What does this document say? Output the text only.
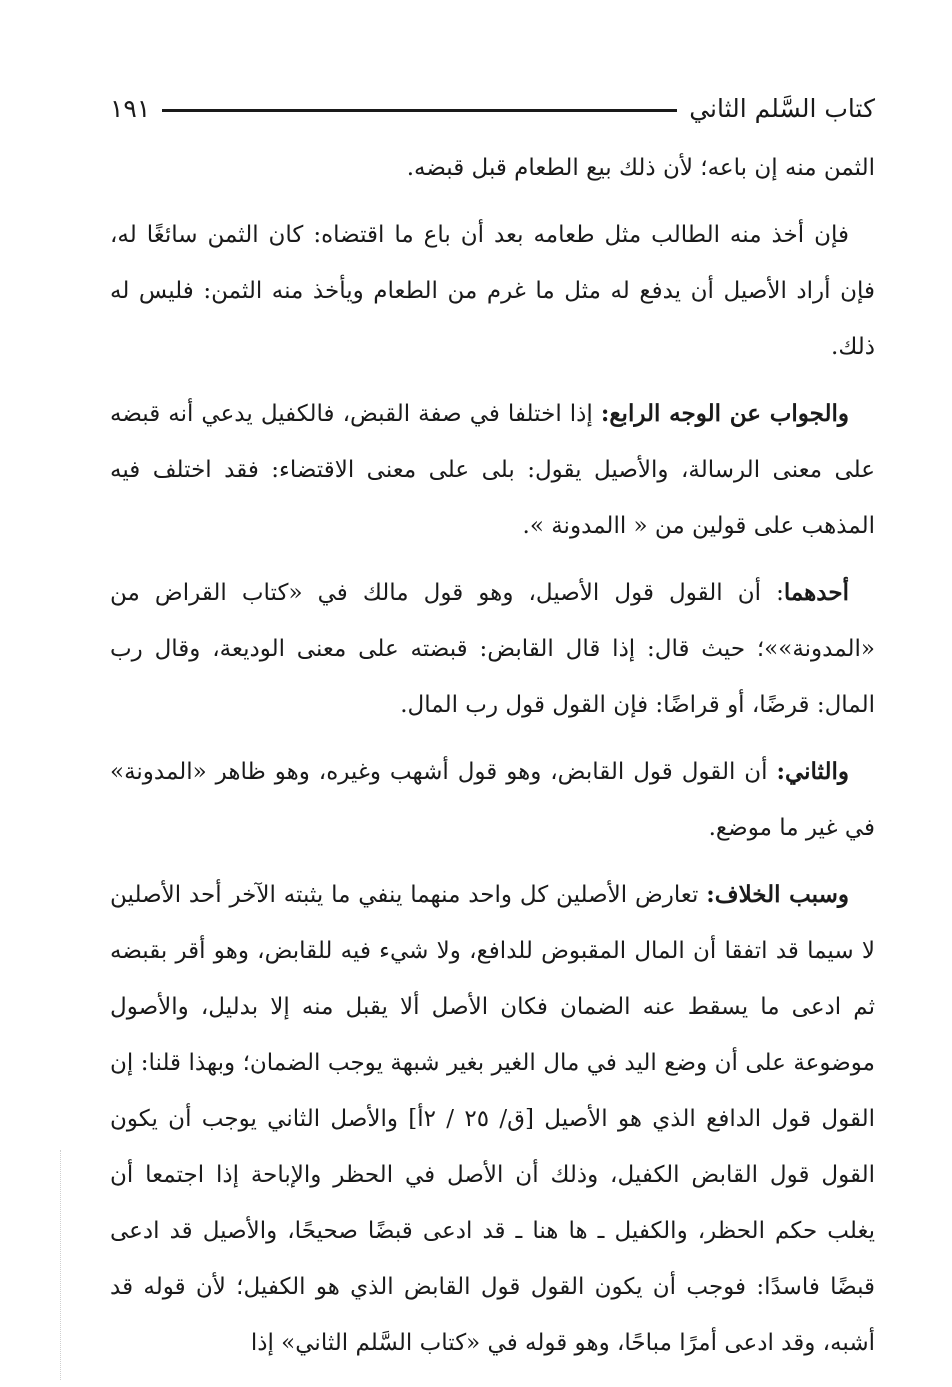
كتاب السَّلم الثاني
١٩١

الثمن منه إن باعه؛ لأن ذلك بيع الطعام قبل قبضه.

فإن أخذ منه الطالب مثل طعامه بعد أن باع ما اقتضاه: كان الثمن سائغًا له، فإن أراد الأصيل أن يدفع له مثل ما غرم من الطعام ويأخذ منه الثمن: فليس له ذلك.

والجواب عن الوجه الرابع: إذا اختلفا في صفة القبض، فالكفيل يدعي أنه قبضه على معنى الرسالة، والأصيل يقول: بلى على معنى الاقتضاء: فقد اختلف فيه المذهب على قولين من « االمدونة ».

أحدهما: أن القول قول الأصيل، وهو قول مالك في «كتاب القراض من «المدونة»»؛ حيث قال: إذا قال القابض: قبضته على معنى الوديعة، وقال رب المال: قرضًا، أو قراضًا: فإن القول قول رب المال.

والثاني: أن القول قول القابض، وهو قول أشهب وغيره، وهو ظاهر «المدونة» في غير ما موضع.

وسبب الخلاف: تعارض الأصلين كل واحد منهما ينفي ما يثبته الآخر أحد الأصلين لا سيما قد اتفقا أن المال المقبوض للدافع، ولا شيء فيه للقابض، وهو أقر بقبضه ثم ادعى ما يسقط عنه الضمان فكان الأصل ألا يقبل منه إلا بدليل، والأصول موضوعة على أن وضع اليد في مال الغير بغير شبهة يوجب الضمان؛ وبهذا قلنا: إن القول قول الدافع الذي هو الأصيل [ق/ ٢٥ / ٢أ] والأصل الثاني يوجب أن يكون القول قول القابض الكفيل، وذلك أن الأصل في الحظر والإباحة إذا اجتمعا أن يغلب حكم الحظر، والكفيل ـ ها هنا ـ قد ادعى قبضًا صحيحًا، والأصيل قد ادعى قبضًا فاسدًا: فوجب أن يكون القول قول القابض الذي هو الكفيل؛ لأن قوله قد أشبه، وقد ادعى أمرًا مباحًا، وهو قوله في «كتاب السَّلم الثاني» إذا
